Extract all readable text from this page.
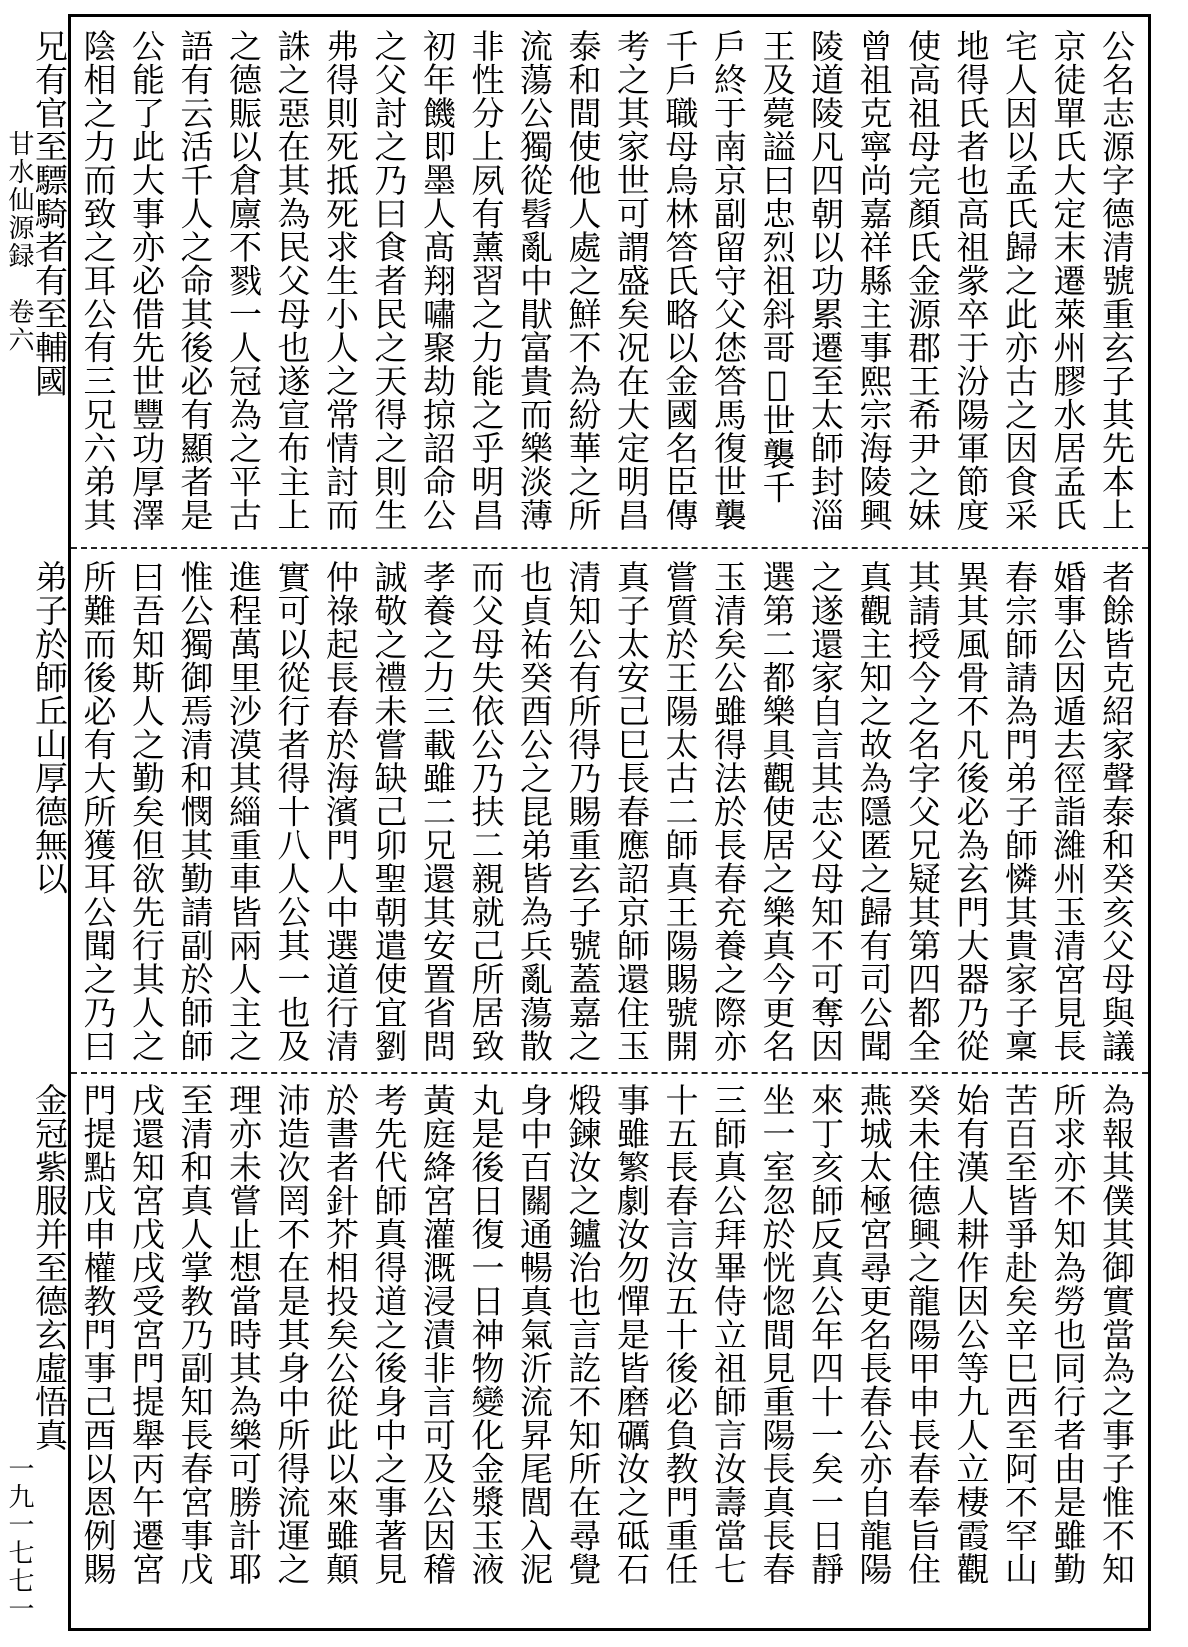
甘水仙源録　卷六
一九一七七一
公名志源字德清號重玄子其先本上京徒單氏大定末遷萊州膠水居孟氏宅人因以孟氏歸之此亦古之因食采地得氏者也高祖䝉卒于汾陽軍節度使高祖母完顏氏金源郡王希尹之妹曾祖克寧尚嘉祥縣主事熙宗海陵興陵道陵凡四朝以功累遷至太師封淄王及薨謚曰忠烈祖斜哥𢠐世襲千戶終于南京副留守父恷答馬復世襲千戶職母烏林答氏略以金國名臣傳考之其家世可謂盛矣况在大定明昌泰和間使他人處之鮮不為紛華之所流蕩公獨從髫亂中猒富貴而樂淡薄非性分上夙有薰習之力能之乎明昌初年饑即墨人髙翔嘯聚劫掠詔命公之父討之乃曰食者民之天得之則生弗得則死抵死求生小人之常情討而誅之惡在其為民父母也遂宣布主上之德賑以倉廪不戮一人冠為之平古語有云活千人之命其後必有顯者是公能了此大事亦必借先世豐功厚澤陰相之力而致之耳公有三兄六弟其兄有官至驃騎者有至輔國
者餘皆克紹家聲泰和癸亥父母與議婚事公因遁去徑詣濰州玉清宮見長春宗師請為門弟子師憐其貴家子稟異其風骨不凡後必為玄門大器乃從其請授今之名字父兄疑其第四都全真觀主知之故為隱匿之歸有司公聞之遂還家自言其志父母知不可奪因選第二都樂具觀使居之樂真今更名玉清矣公雖得法於長春充養之際亦嘗質於王陽太古二師真王陽賜號開真子太安己巳長春應詔京師還住玉清知公有所得乃賜重玄子號蓋嘉之也貞祐癸酉公之昆弟皆為兵亂蕩散而父母失依公乃扶二親就己所居致孝養之力三載雖二兄還其安置省問誠敬之禮未嘗缺己卯聖朝遣使宜劉仲祿起長春於海濱門人中選道行清實可以從行者得十八人公其一也及進程萬里沙漠其緇重車皆兩人主之惟公獨御焉清和憫其勤請副於師師曰吾知斯人之勤矣但欲先行其人之所難而後必有大所獲耳公聞之乃曰弟子於師丘山厚德無以
為報其僕其御實當為之事子惟不知所求亦不知為勞也同行者由是雖勤苦百至皆爭赴矣辛巳西至阿不罕山始有漢人耕作因公等九人立棲霞觀癸未住德興之龍陽甲申長春奉旨住燕城太極宮尋更名長春公亦自龍陽來丁亥師反真公年四十一矣一日靜坐一室忽於恍惚間見重陽長真長春三師真公拜畢侍立祖師言汝壽當七十五長春言汝五十後必負教門重任事雖繁劇汝勿憚是皆磨礪汝之砥石煅鍊汝之鑪治也言訖不知所在尋覺身中百關通暢真氣沂流昇尾閭入泥丸是後日復一日神物變化金漿玉液黃庭絳宮灌溉浸漬非言可及公因稽考先代師真得道之後身中之事著見於書者針芥相投矣公從此以來雖顛沛造次罔不在是其身中所得流運之理亦未嘗止想當時其為樂可勝計耶至清和真人掌教乃副知長春宮事戊戌還知宮戊戌受宮門提舉丙午遷宮門提點戊申權教門事己酉以恩例賜金冠紫服并至德玄虛悟真
